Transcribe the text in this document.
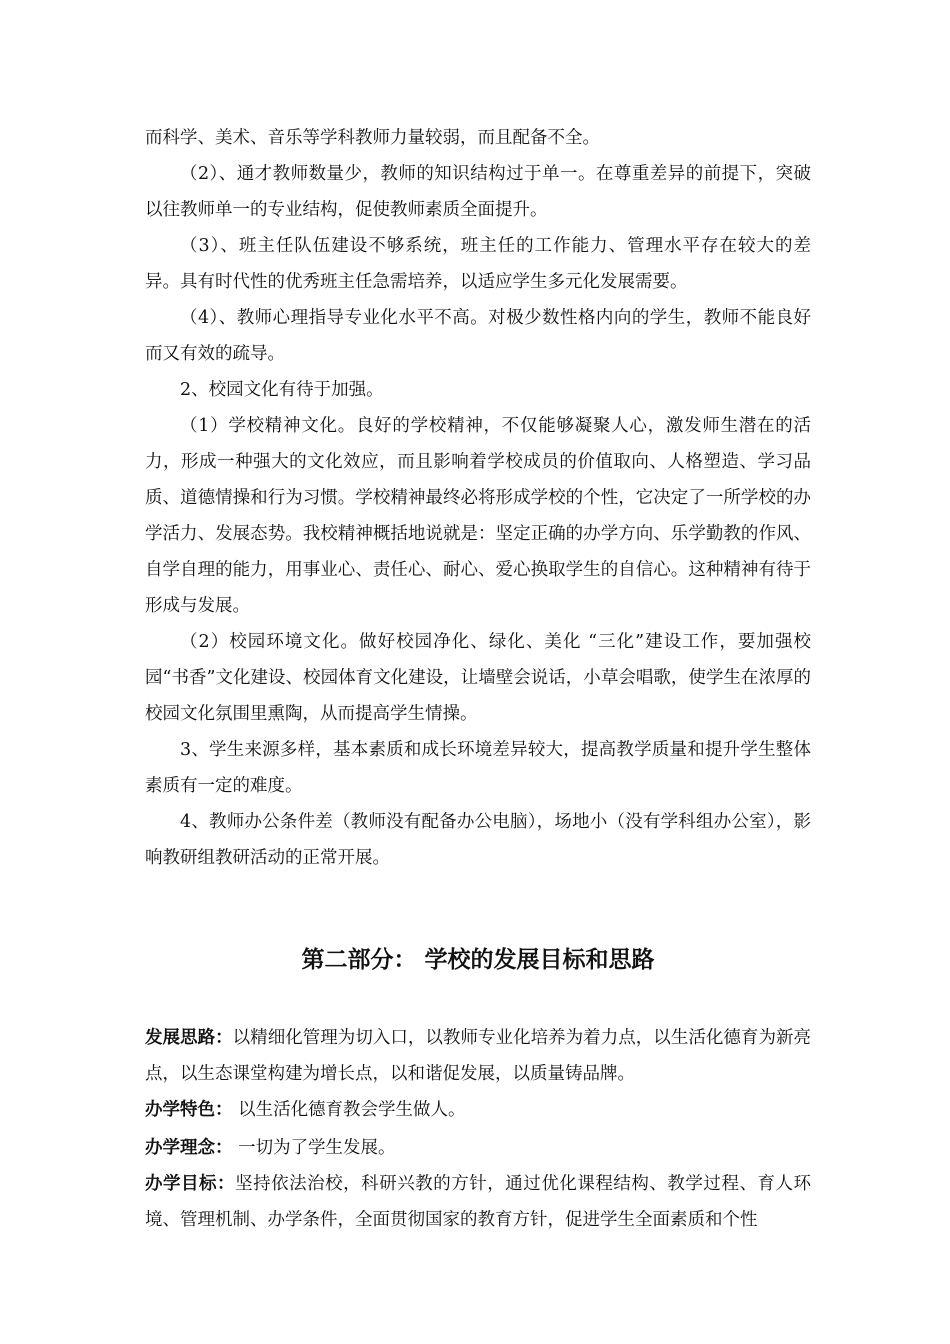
而科学、美术、音乐等学科教师力量较弱，而且配备不全。

（2）、通才教师数量少，教师的知识结构过于单一。在尊重差异的前提下，突破以往教师单一的专业结构，促使教师素质全面提升。

（3）、班主任队伍建设不够系统，班主任的工作能力、管理水平存在较大的差异。具有时代性的优秀班主任急需培养，以适应学生多元化发展需要。

（4）、教师心理指导专业化水平不高。对极少数性格内向的学生，教师不能良好而又有效的疏导。

2、校园文化有待于加强。

（1）学校精神文化。良好的学校精神，不仅能够凝聚人心，激发师生潜在的活力，形成一种强大的文化效应，而且影响着学校成员的价值取向、人格塑造、学习品质、道德情操和行为习惯。学校精神最终必将形成学校的个性，它决定了一所学校的办学活力、发展态势。我校精神概括地说就是：坚定正确的办学方向、乐学勤教的作风、自学自理的能力，用事业心、责任心、耐心、爱心换取学生的自信心。这种精神有待于形成与发展。

（2）校园环境文化。做好校园净化、绿化、美化 “三化”建设工作，要加强校园“书香”文化建设、校园体育文化建设，让墙壁会说话，小草会唱歌，使学生在浓厚的校园文化氛围里熏陶，从而提高学生情操。

3、学生来源多样，基本素质和成长环境差异较大，提高教学质量和提升学生整体素质有一定的难度。

4、教师办公条件差（教师没有配备办公电脑），场地小（没有学科组办公室），影响教研组教研活动的正常开展。

第二部分： 学校的发展目标和思路

发展思路：以精细化管理为切入口，以教师专业化培养为着力点，以生活化德育为新亮点，以生态课堂构建为增长点，以和谐促发展，以质量铸品牌。

办学特色： 以生活化德育教会学生做人。

办学理念： 一切为了学生发展。

办学目标：坚持依法治校，科研兴教的方针，通过优化课程结构、教学过程、育人环境、管理机制、办学条件，全面贯彻国家的教育方针，促进学生全面素质和个性
